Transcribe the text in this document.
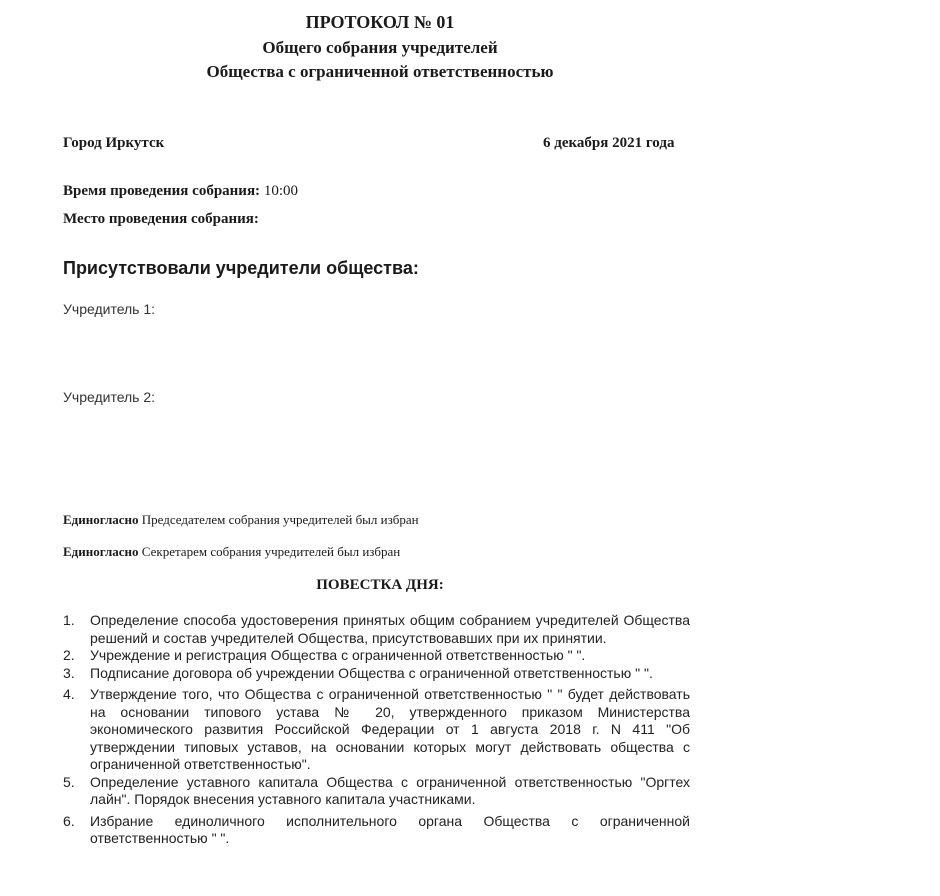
ПРОТОКОЛ № 01
Общего собрания учредителей
Общества с ограниченной ответственностью
Город Иркутск	6 декабря 2021 года
Время проведения собрания: 10:00
Место проведения собрания:
Присутствовали учредители общества:
Учредитель 1:
Учредитель 2:
Единогласно Председателем собрания учредителей был избран
Единогласно Секретарем собрания учредителей был избран
ПОВЕСТКА ДНЯ:
1.	Определение способа удостоверения принятых общим собранием учредителей Общества решений и состав учредителей Общества, присутствовавших при их принятии.
2.	Учреждение и регистрация Общества с ограниченной ответственностью " ".
3.	Подписание договора об учреждении Общества с ограниченной ответственностью " ".
4.	Утверждение того, что Общества с ограниченной ответственностью " " будет действовать на основании типового устава № 20, утвержденного приказом Министерства экономического развития Российской Федерации от 1 августа 2018 г. N 411 "Об утверждении типовых уставов, на основании которых могут действовать общества с ограниченной ответственностью".
5.	Определение уставного капитала Общества с ограниченной ответственностью "Оргтех лайн". Порядок внесения уставного капитала участниками.
6.	Избрание единоличного исполнительного органа Общества с ограниченной ответственностью " ".
